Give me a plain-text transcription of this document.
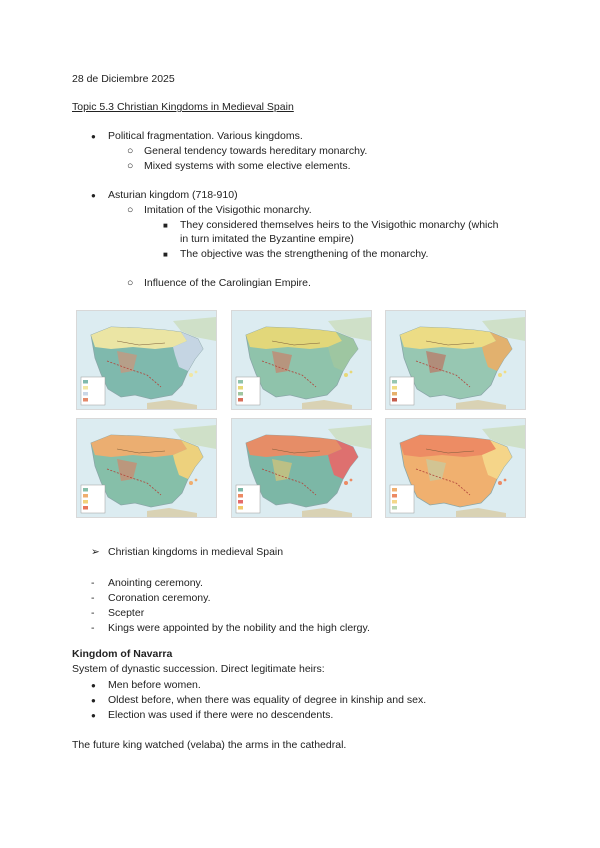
28 de Diciembre 2025
Topic 5.3 Christian Kingdoms in Medieval Spain
● Political fragmentation. Various kingdoms.
○ General tendency towards hereditary monarchy.
○ Mixed systems with some elective elements.
● Asturian kingdom (718-910)
○ Imitation of the Visigothic monarchy.
■ They considered themselves heirs to the Visigothic monarchy (which
in turn imitated the Byzantine empire)
■ The objective was the strengthening of the monarchy.
○ Influence of the Carolingian Empire.
➢ Christian kingdoms in medieval Spain
- Anointing ceremony.
- Coronation ceremony.
- Scepter
- Kings were appointed by the nobility and the high clergy.
Kingdom of Navarra
System of dynastic succession. Direct legitimate heirs:
● Men before women.
● Oldest before, when there was equality of degree in kinship and sex.
● Election was used if there were no descendents.
The future king watched (velaba) the arms in the cathedral.
